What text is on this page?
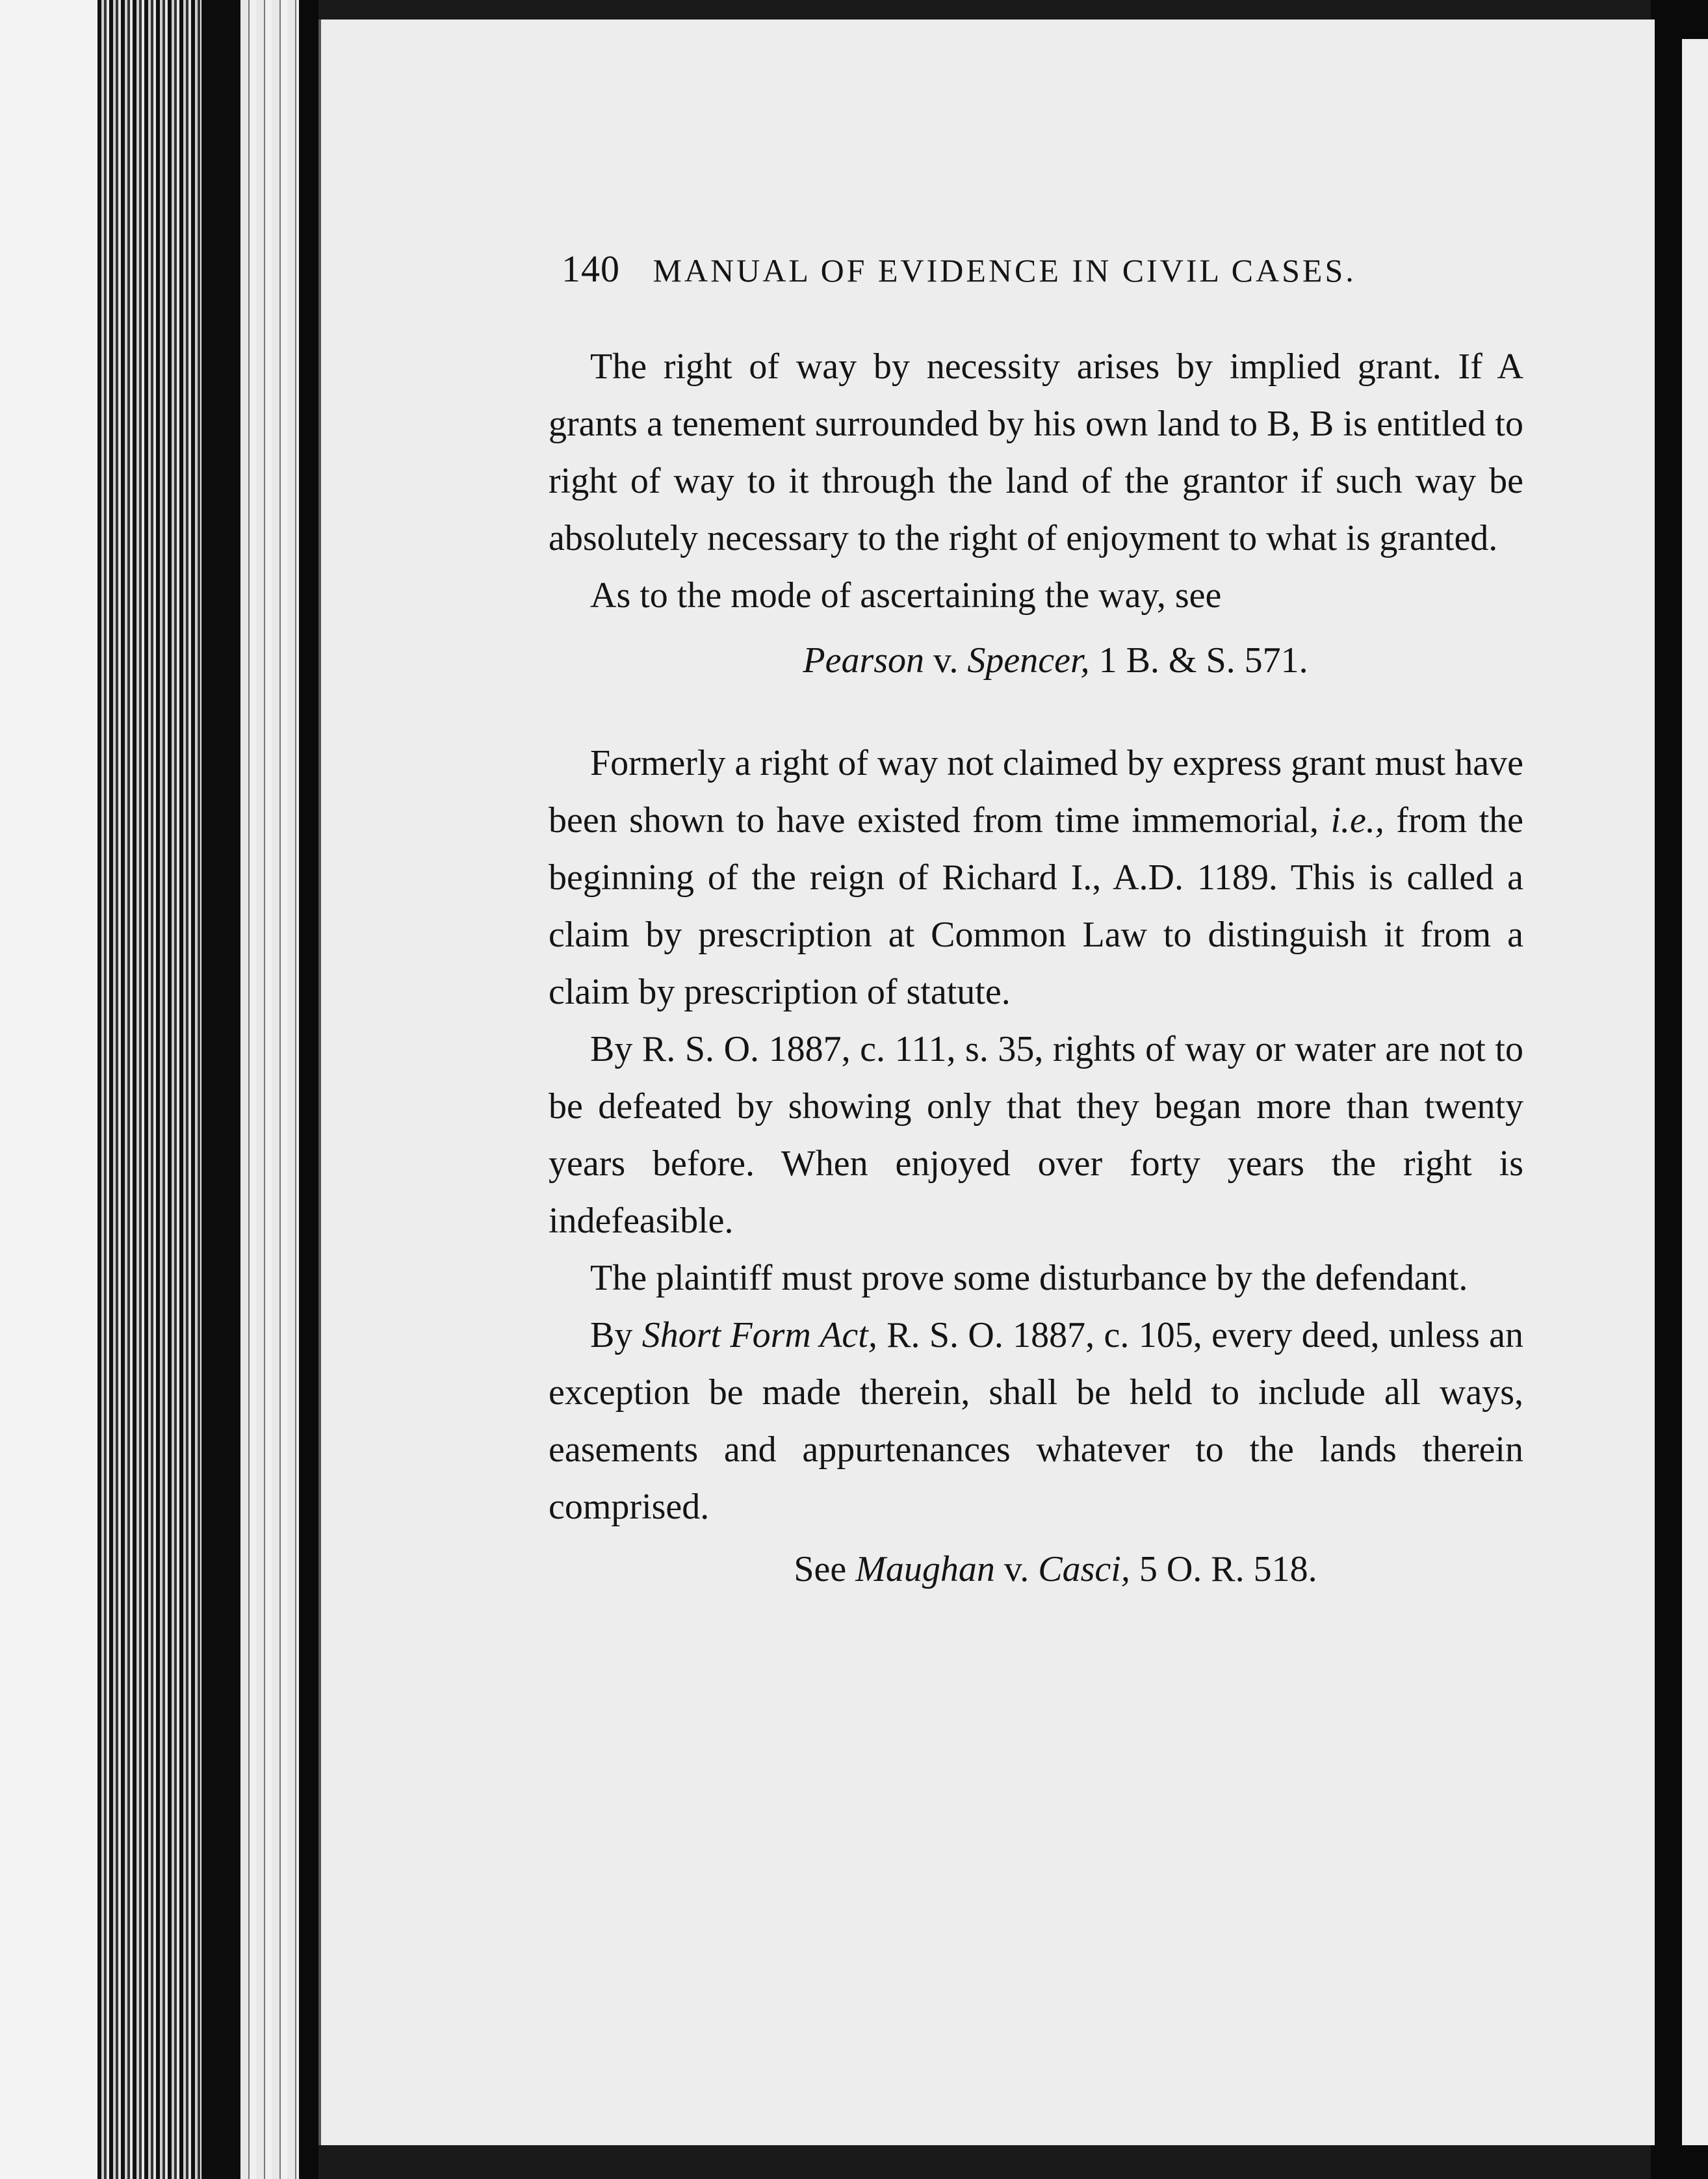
140 MANUAL OF EVIDENCE IN CIVIL CASES.

The right of way by necessity arises by implied grant. If A grants a tenement surrounded by his own land to B, B is entitled to right of way to it through the land of the grantor if such way be absolutely necessary to the right of enjoyment to what is granted.

As to the mode of ascertaining the way, see

Pearson v. Spencer, 1 B. & S. 571.

Formerly a right of way not claimed by express grant must have been shown to have existed from time immemorial, i.e., from the beginning of the reign of Richard I., A.D. 1189. This is called a claim by prescription at Common Law to distinguish it from a claim by prescription of statute.

By R. S. O. 1887, c. 111, s. 35, rights of way or water are not to be defeated by showing only that they began more than twenty years before. When enjoyed over forty years the right is indefeasible.

The plaintiff must prove some disturbance by the defendant.

By Short Form Act, R. S. O. 1887, c. 105, every deed, unless an exception be made therein, shall be held to include all ways, easements and appurtenances whatever to the lands therein comprised.

See Maughan v. Casci, 5 O. R. 518.
